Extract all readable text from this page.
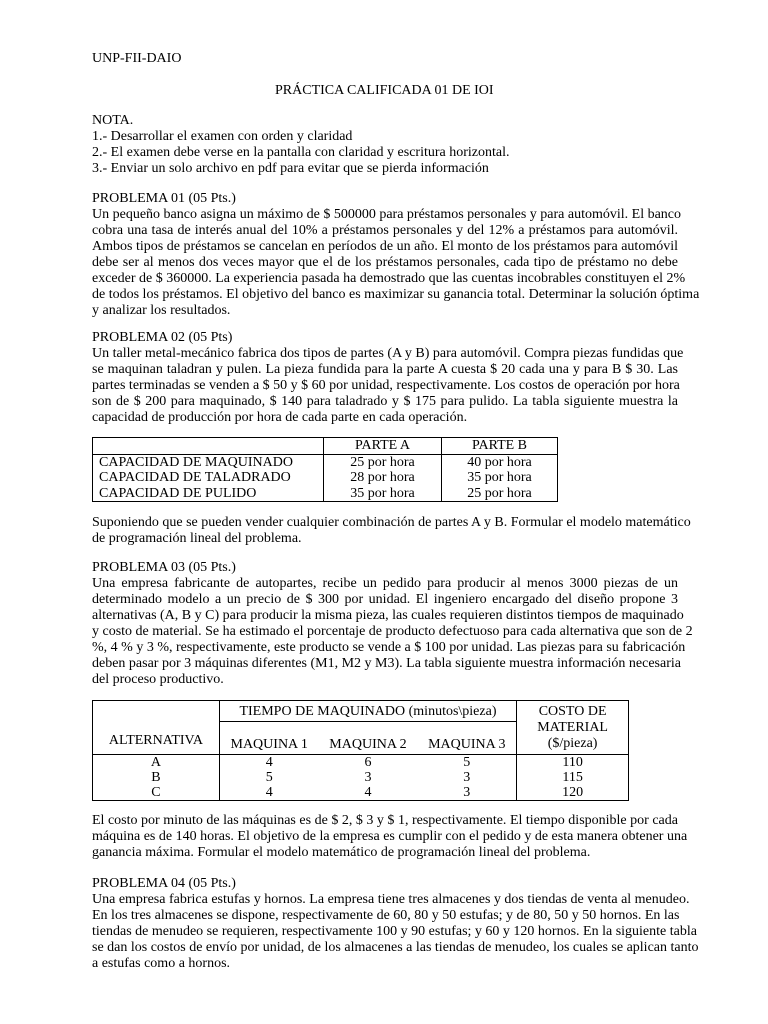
UNP-FII-DAIO
PRÁCTICA CALIFICADA 01 DE IOI
NOTA.
1.- Desarrollar el examen con orden y claridad
2.- El examen debe verse en la pantalla con claridad y escritura horizontal.
3.- Enviar un solo archivo en pdf para evitar que se pierda información
PROBLEMA 01 (05 Pts.)
Un pequeño banco asigna un máximo de $ 500000 para préstamos personales y para automóvil. El banco
cobra una tasa de interés anual del 10% a préstamos personales y del 12% a préstamos para automóvil.
Ambos tipos de préstamos se cancelan en períodos de un año. El monto de los préstamos para automóvil
debe ser al menos dos veces mayor que el de los préstamos personales, cada tipo de préstamo no debe
exceder de $ 360000. La experiencia pasada ha demostrado que las cuentas incobrables constituyen el 2%
de todos los préstamos. El objetivo del banco es maximizar su ganancia total. Determinar la solución óptima
y analizar los resultados.
PROBLEMA 02 (05 Pts)
Un taller metal-mecánico fabrica dos tipos de partes (A y B) para automóvil. Compra piezas fundidas que
se maquinan taladran y pulen. La pieza fundida para la parte A cuesta $ 20 cada una y para B $ 30. Las
partes terminadas se venden a $ 50 y $ 60 por unidad, respectivamente. Los costos de operación por hora
son de $ 200 para maquinado, $ 140 para taladrado y $ 175 para pulido. La tabla siguiente muestra la
capacidad de producción por hora de cada parte en cada operación.
	PARTE A	PARTE B
CAPACIDAD DE MAQUINADO	25 por hora	40 por hora
CAPACIDAD DE TALADRADO	28 por hora	35 por hora
CAPACIDAD DE PULIDO	35 por hora	25 por hora
Suponiendo que se pueden vender cualquier combinación de partes A y B. Formular el modelo matemático
de programación lineal del problema.
PROBLEMA 03 (05 Pts.)
Una empresa fabricante de autopartes, recibe un pedido para producir al menos 3000 piezas de un
determinado modelo a un precio de $ 300 por unidad. El ingeniero encargado del diseño propone 3
alternativas (A, B y C) para producir la misma pieza, las cuales requieren distintos tiempos de maquinado
y costo de material. Se ha estimado el porcentaje de producto defectuoso para cada alternativa que son de 2
%, 4 % y 3 %, respectivamente, este producto se vende a $ 100 por unidad. Las piezas para su fabricación
deben pasar por 3 máquinas diferentes (M1, M2 y M3). La tabla siguiente muestra información necesaria
del proceso productivo.
ALTERNATIVA	TIEMPO DE MAQUINADO (minutos\pieza)			COSTO DE
MATERIAL
($/pieza)

	MAQUINA 1	MAQUINA 2	MAQUINA 3	
A	4	6	5	110
B	5	3	3	115
C	4	4	3	120
El costo por minuto de las máquinas es de $ 2, $ 3 y $ 1, respectivamente. El tiempo disponible por cada
máquina es de 140 horas. El objetivo de la empresa es cumplir con el pedido y de esta manera obtener una
ganancia máxima. Formular el modelo matemático de programación lineal del problema.
PROBLEMA 04 (05 Pts.)
Una empresa fabrica estufas y hornos. La empresa tiene tres almacenes y dos tiendas de venta al menudeo.
En los tres almacenes se dispone, respectivamente de 60, 80 y 50 estufas; y de 80, 50 y 50 hornos. En las
tiendas de menudeo se requieren, respectivamente 100 y 90 estufas; y 60 y 120 hornos. En la siguiente tabla
se dan los costos de envío por unidad, de los almacenes a las tiendas de menudeo, los cuales se aplican tanto
a estufas como a hornos.
